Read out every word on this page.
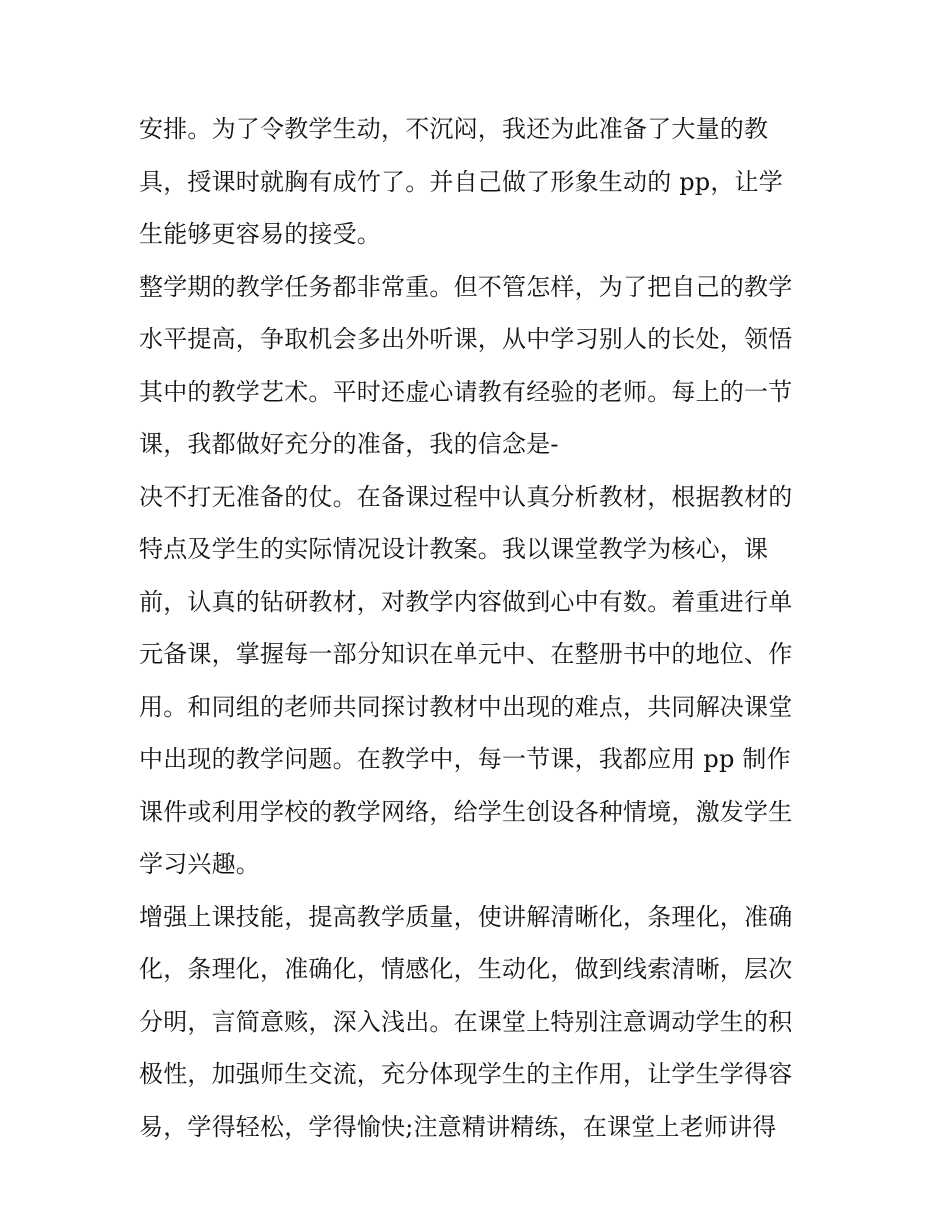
安排。为了令教学生动，不沉闷，我还为此准备了大量的教
具，授课时就胸有成竹了。并自己做了形象生动的 pp，让学
生能够更容易的接受。
整学期的教学任务都非常重。但不管怎样，为了把自己的教学
水平提高，争取机会多出外听课，从中学习别人的长处，领悟
其中的教学艺术。平时还虚心请教有经验的老师。每上的一节
课，我都做好充分的准备，我的信念是-
决不打无准备的仗。在备课过程中认真分析教材，根据教材的
特点及学生的实际情况设计教案。我以课堂教学为核心，课
前，认真的钻研教材，对教学内容做到心中有数。着重进行单
元备课，掌握每一部分知识在单元中、在整册书中的地位、作
用。和同组的老师共同探讨教材中出现的难点，共同解决课堂
中出现的教学问题。在教学中，每一节课，我都应用 pp 制作
课件或利用学校的教学网络，给学生创设各种情境，激发学生
学习兴趣。
增强上课技能，提高教学质量，使讲解清晰化，条理化，准确
化，条理化，准确化，情感化，生动化，做到线索清晰，层次
分明，言简意赅，深入浅出。在课堂上特别注意调动学生的积
极性，加强师生交流，充分体现学生的主作用，让学生学得容
易，学得轻松，学得愉快;注意精讲精练，在课堂上老师讲得
